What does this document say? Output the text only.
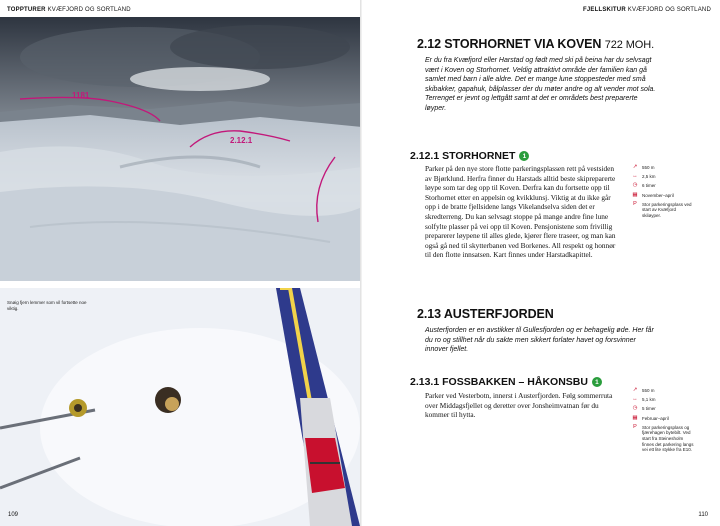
TOPPTURER KVÆFJORD OG SORTLAND
1181
2.12.1
Snøig fjern lemmer som vil fortsette noe viktig.
109
FJELLSKITUR KVÆFJORD OG SORTLAND
2.12 STORHORNET VIA KOVEN 722 MOH.
Er du fra Kvæfjord eller Harstad og født med ski på beina har du selvsagt vært i Koven og Storhornet. Veldig attraktivt område der familien kan gå samlet med barn i alle aldre. Det er mange lune stoppesteder med små skibakker, gapahuk, bålplasser der du møter andre og alt vender mot sola. Terrenget er jevnt og lettgått samt at det er områdets best preparerte løyper.
2.12.1 STORHORNET	1
Parker på den nye store flotte parkeringsplassen rett på vestsiden av Bjørklund. Herfra finner du Harstads alltid beste skipreparerte løype som tar deg opp til Koven. Derfra kan du fortsette opp til Storhornet etter en appelsin og kvikklunsj. Viktig at du ikke går opp i de bratte fjellsidene langs Vikelandselva siden det er skredterreng. Du kan selvsagt stoppe på mange andre fine lune solfylte plasser på vei opp til Koven. Pensjonistene som frivillig preparerer løypene til alles glede, kjører flere traseer, og man kan også gå ned til skytterbanen ved Borkenes. All respekt og honnør til den flotte innsatsen. Kart finnes under Harstadkapittel.
↗ 550 m
↔ 2,5 km
◷ 6 timer
▦ November–april
P Stor parkeringsplass ved start av Kvæfjord skiløyper.
2.13 AUSTERFJORDEN
Austerfjorden er en avstikker til Gullesfjorden og er behagelig øde. Her får du ro og stillhet når du sakte men sikkert forlater havet og forsvinner innover fjellet.
2.13.1 FOSSBAKKEN – HÅKONSBU	1
Parker ved Vesterbotn, innerst i Austerfjorden. Følg sommerruta over Middagsfjellet og deretter over Jonsheimvatnan før du kommer til hytta.
↗ 550 m
↔ 5,1 km
◷ 5 timer
▦ Februar–april
P Stor parkeringsplass og fjærehagen bytebilt. Ved start fra Steinesholm finnes det parkering langs vei ett lite stykke fra E10.
110
